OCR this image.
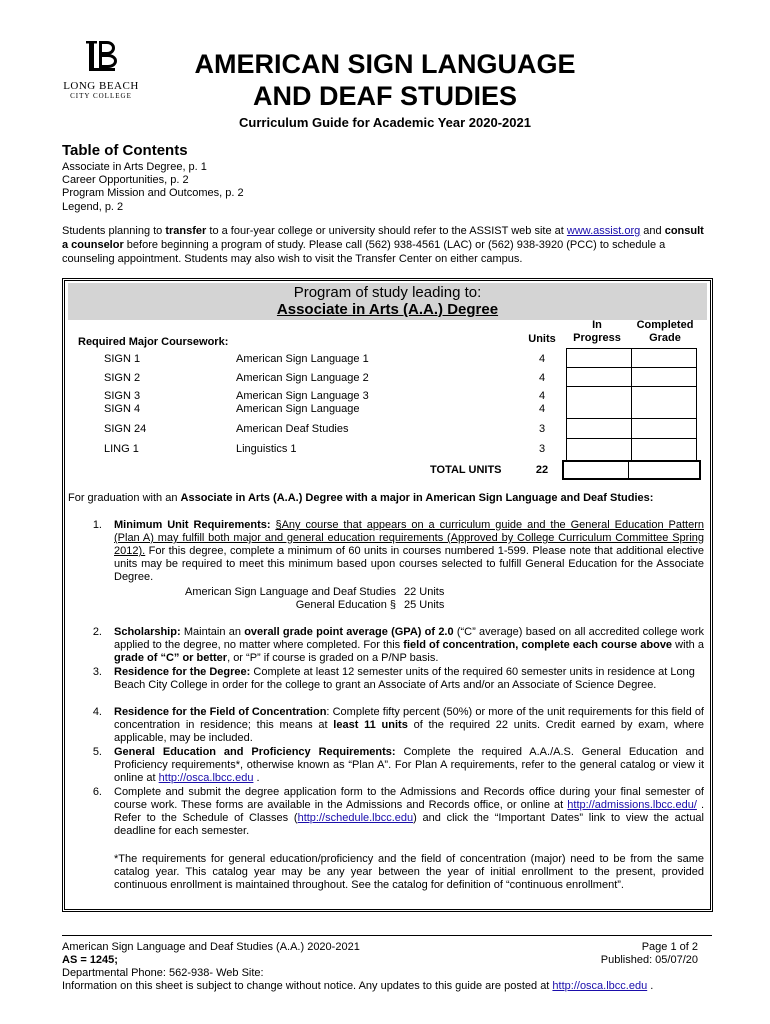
LONG BEACH
CITY COLLEGE
AMERICAN SIGN LANGUAGE
AND DEAF STUDIES
Curriculum Guide for Academic Year 2020-2021
Table of Contents
Associate in Arts Degree, p. 1
Career Opportunities, p. 2
Program Mission and Outcomes, p. 2
Legend, p. 2
Students planning to transfer to a four-year college or university should refer to the ASSIST web site at www.assist.org and consult a counselor before beginning a program of study. Please call (562) 938-4561 (LAC) or (562) 938-3920 (PCC) to schedule a counseling appointment. Students may also wish to visit the Transfer Center on either campus.
Program of study leading to:
Associate in Arts (A.A.) Degree
Required Major Coursework:	Units
In
Progress
Completed
Grade
SIGN 1	American Sign Language 1	4
SIGN 2	American Sign Language 2	4
SIGN 3	American Sign Language 3	4
SIGN 4	American Sign Language	4
SIGN 24	American Deaf Studies	3
LING 1	Linguistics 1	3
TOTAL UNITS	22
For graduation with an Associate in Arts (A.A.) Degree with a major in American Sign Language and Deaf Studies:
1. Minimum Unit Requirements: §Any course that appears on a curriculum guide and the General Education Pattern (Plan A) may fulfill both major and general education requirements (Approved by College Curriculum Committee Spring 2012). For this degree, complete a minimum of 60 units in courses numbered 1-599. Please note that additional elective units may be required to meet this minimum based upon courses selected to fulfill General Education for the Associate Degree.
American Sign Language and Deaf Studies 22 Units
General Education § 25 Units
2. Scholarship: Maintain an overall grade point average (GPA) of 2.0 (“C” average) based on all accredited college work applied to the degree, no matter where completed. For this field of concentration, complete each course above with a grade of “C” or better, or “P” if course is graded on a P/NP basis.
3. Residence for the Degree: Complete at least 12 semester units of the required 60 semester units in residence at Long Beach City College in order for the college to grant an Associate of Arts and/or an Associate of Science Degree.
4. Residence for the Field of Concentration: Complete fifty percent (50%) or more of the unit requirements for this field of concentration in residence; this means at least 11 units of the required 22 units. Credit earned by exam, where applicable, may be included.
5. General Education and Proficiency Requirements: Complete the required A.A./A.S. General Education and Proficiency requirements*, otherwise known as “Plan A”. For Plan A requirements, refer to the general catalog or view it online at http://osca.lbcc.edu .
6. Complete and submit the degree application form to the Admissions and Records office during your final semester of course work. These forms are available in the Admissions and Records office, or online at http://admissions.lbcc.edu/ . Refer to the Schedule of Classes (http://schedule.lbcc.edu) and click the “Important Dates” link to view the actual deadline for each semester.
*The requirements for general education/proficiency and the field of concentration (major) need to be from the same catalog year. This catalog year may be any year between the year of initial enrollment to the present, provided continuous enrollment is maintained throughout. See the catalog for definition of “continuous enrollment”.
American Sign Language and Deaf Studies (A.A.) 2020-2021
AS = 1245;
Departmental Phone: 562-938- Web Site:
Information on this sheet is subject to change without notice. Any updates to this guide are posted at http://osca.lbcc.edu .
Page 1 of 2
Published: 05/07/20
